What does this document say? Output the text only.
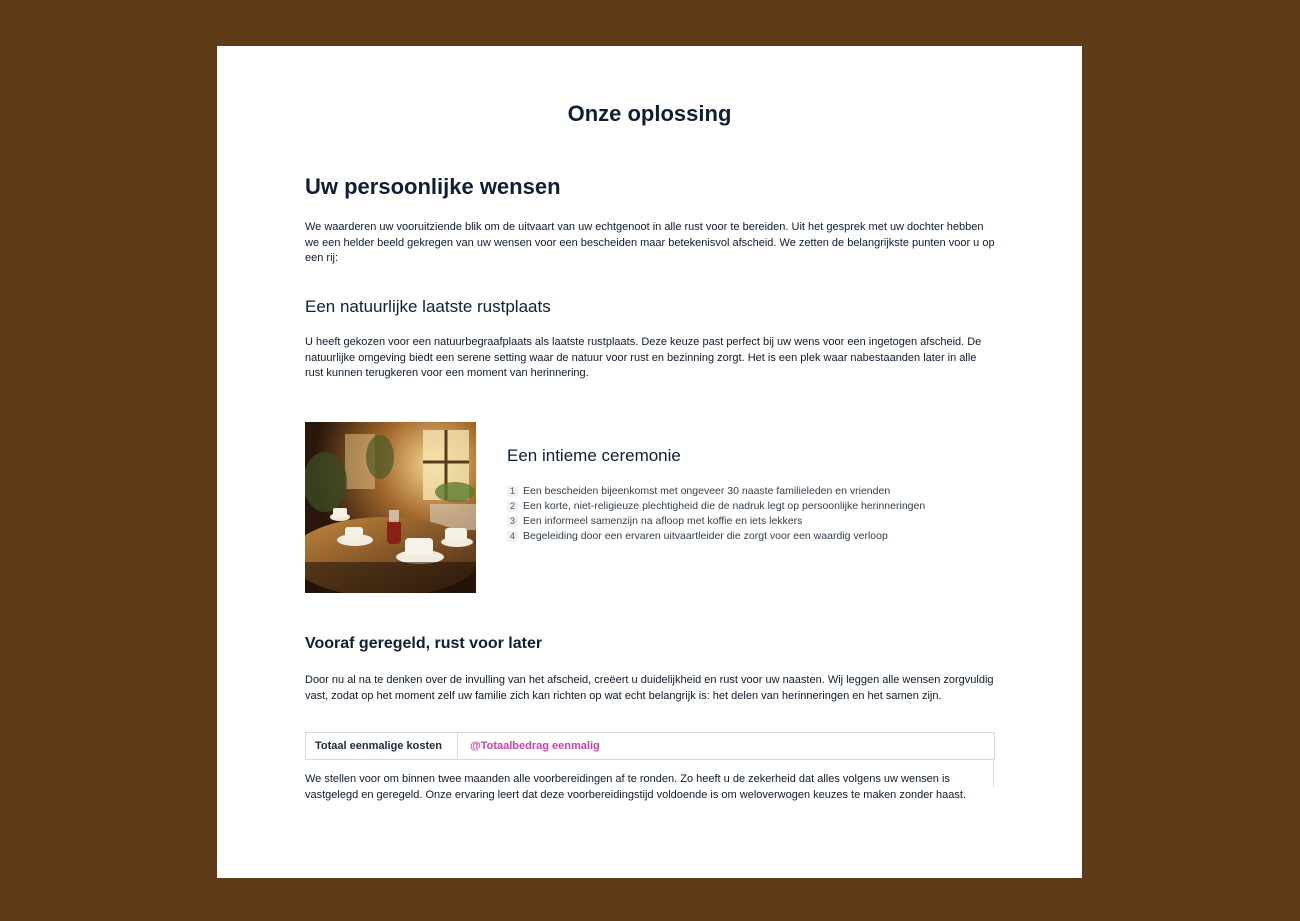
Onze oplossing
Uw persoonlijke wensen
We waarderen uw vooruitziende blik om de uitvaart van uw echtgenoot in alle rust voor te bereiden. Uit het gesprek met uw dochter hebben we een helder beeld gekregen van uw wensen voor een bescheiden maar betekenisvol afscheid. We zetten de belangrijkste punten voor u op een rij:
Een natuurlijke laatste rustplaats
U heeft gekozen voor een natuurbegraafplaats als laatste rustplaats. Deze keuze past perfect bij uw wens voor een ingetogen afscheid. De natuurlijke omgeving biedt een serene setting waar de natuur voor rust en bezinning zorgt. Het is een plek waar nabestaanden later in alle rust kunnen terugkeren voor een moment van herinnering.
Een intieme ceremonie
1 Een bescheiden bijeenkomst met ongeveer 30 naaste familieleden en vrienden
2 Een korte, niet-religieuze plechtigheid die de nadruk legt op persoonlijke herinneringen
3 Een informeel samenzijn na afloop met koffie en iets lekkers
4 Begeleiding door een ervaren uitvaartleider die zorgt voor een waardig verloop
Vooraf geregeld, rust voor later
Door nu al na te denken over de invulling van het afscheid, creëert u duidelijkheid en rust voor uw naasten. Wij leggen alle wensen zorgvuldig vast, zodat op het moment zelf uw familie zich kan richten op wat echt belangrijk is: het delen van herinneringen en het samen zijn.
Totaal eenmalige kosten	@Totaalbedrag eenmalig
We stellen voor om binnen twee maanden alle voorbereidingen af te ronden. Zo heeft u de zekerheid dat alles volgens uw wensen is vastgelegd en geregeld. Onze ervaring leert dat deze voorbereidingstijd voldoende is om weloverwogen keuzes te maken zonder haast.
